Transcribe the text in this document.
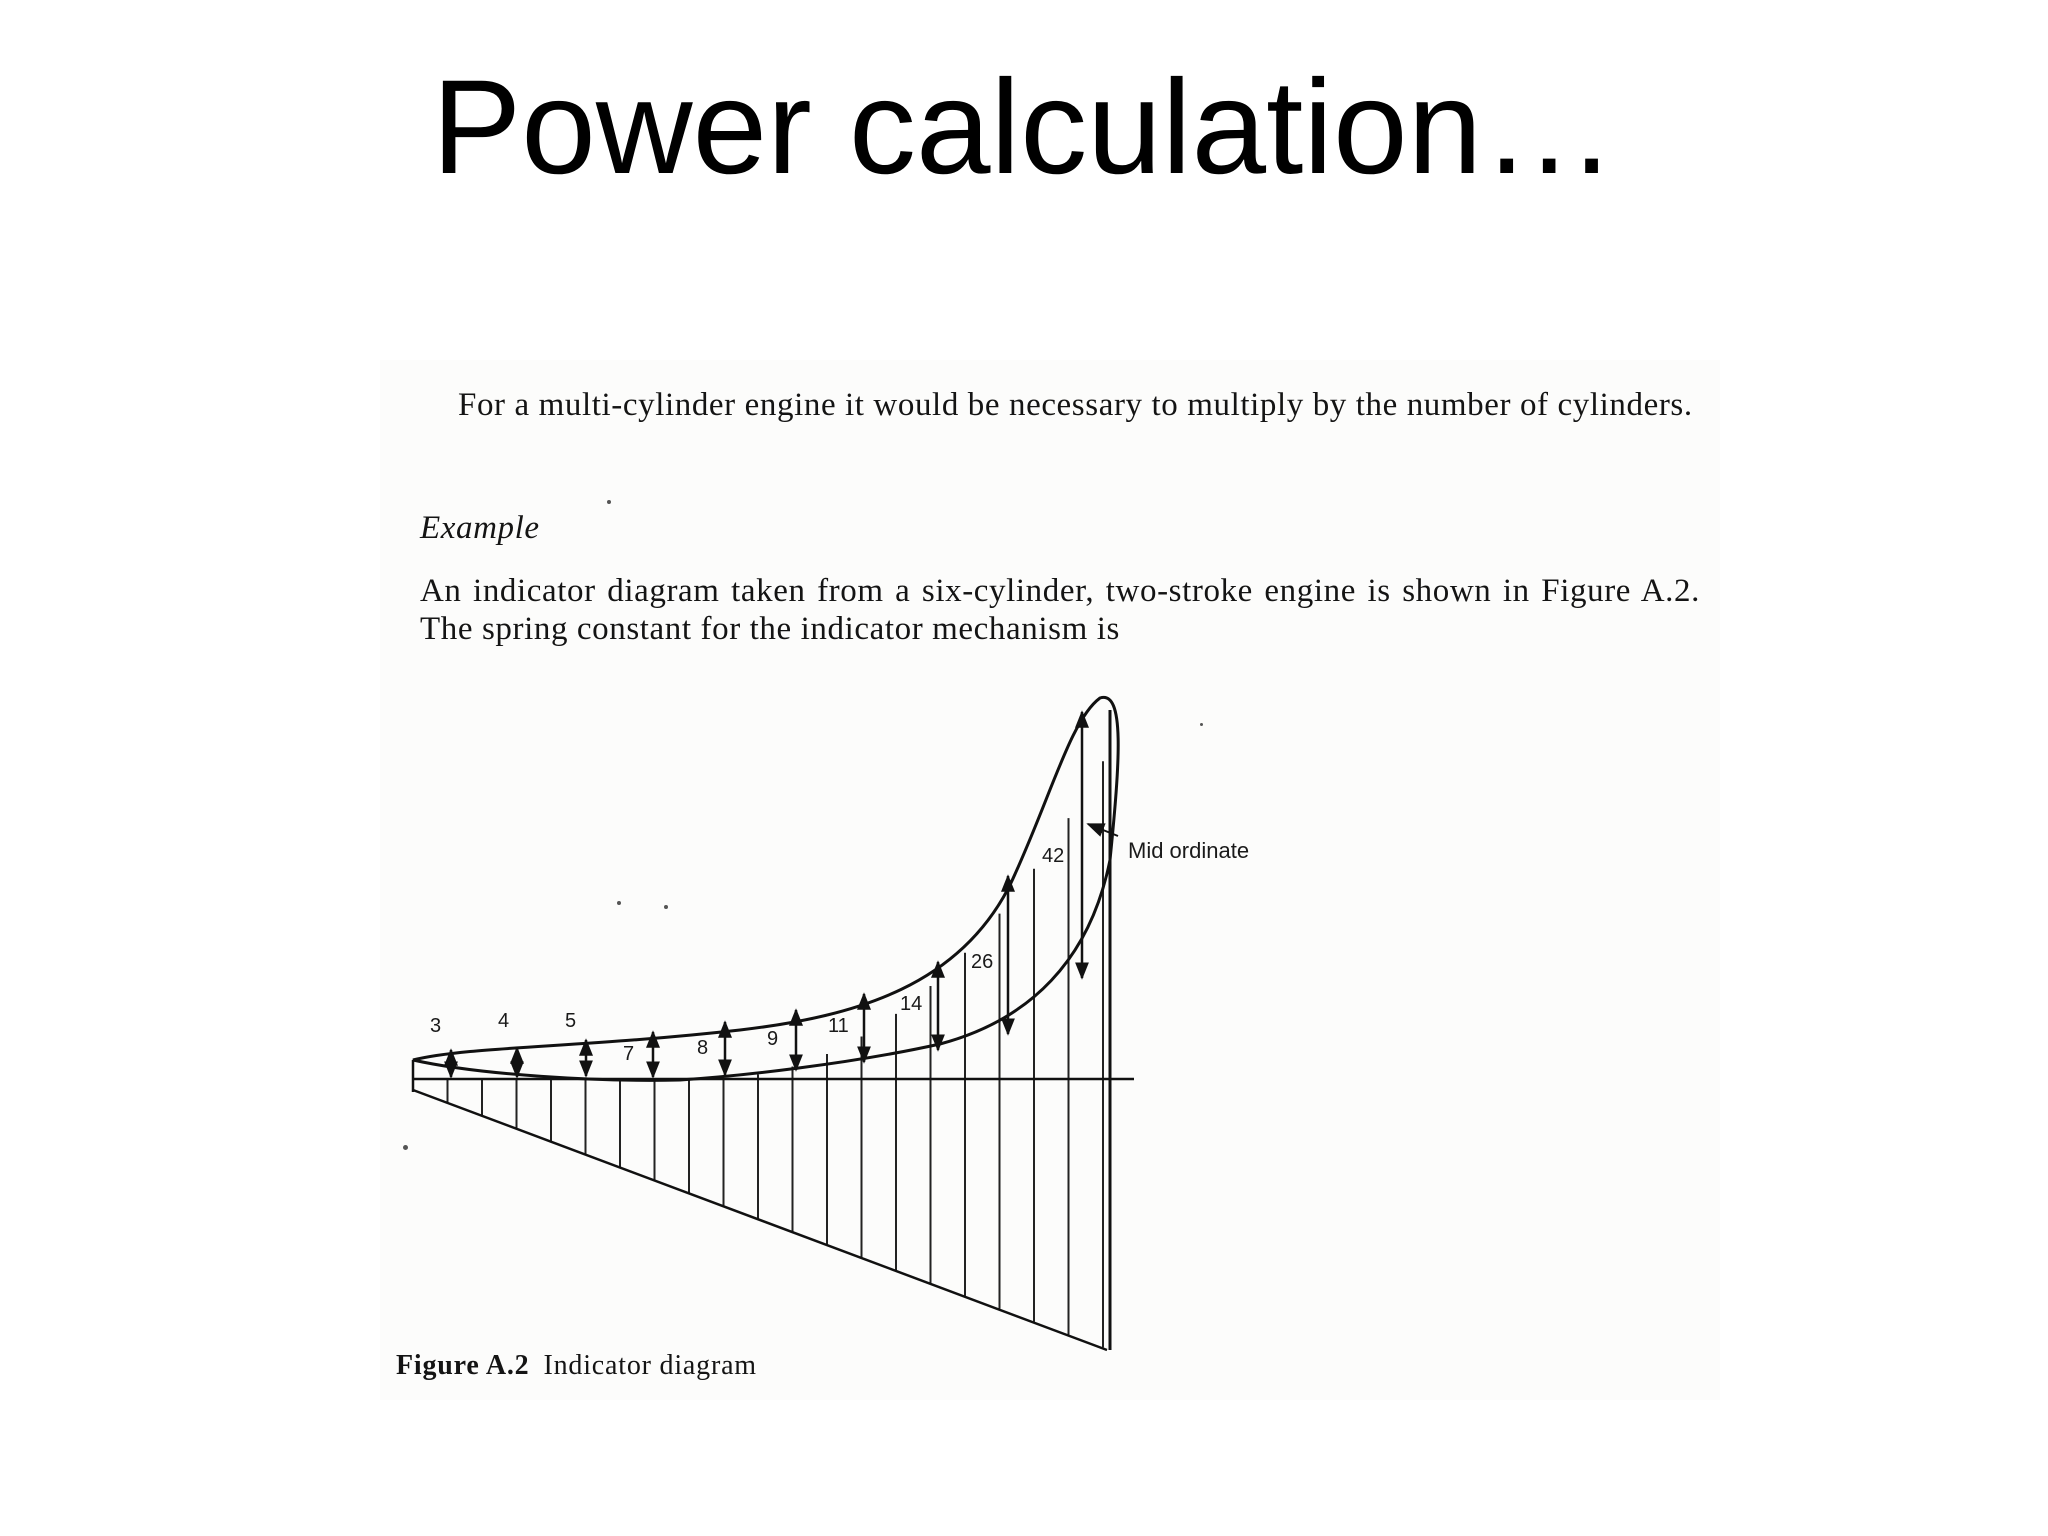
Power calculation…
For a multi-cylinder engine it would be necessary to multiply by the number of cylinders.
Example
An indicator diagram taken from a six-cylinder, two-stroke engine is shown in Figure A.2. The spring constant for the indicator mechanism is
3	4	5
7	8	9
11
14
26
42	Mid ordinate
Figure A.2 Indicator diagram
